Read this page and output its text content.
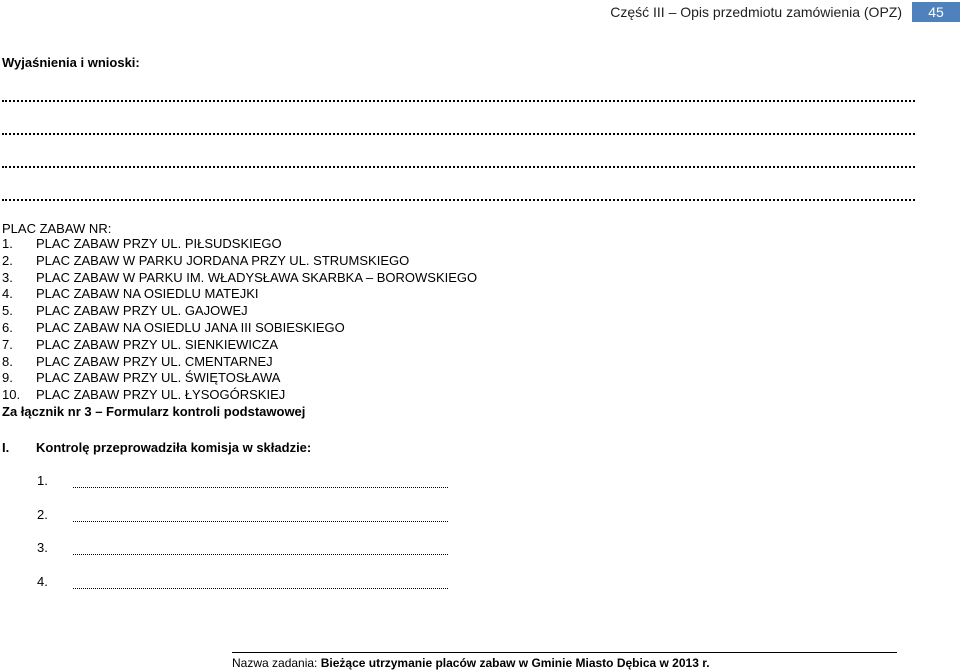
Część III – Opis przedmiotu zamówienia (OPZ)	45
Wyjaśnienia i wnioski:
PLAC ZABAW NR:
1. PLAC ZABAW PRZY UL. PIŁSUDSKIEGO
2. PLAC ZABAW W PARKU JORDANA PRZY UL. STRUMSKIEGO
3. PLAC ZABAW W PARKU IM. WŁADYSŁAWA SKARBKA – BOROWSKIEGO
4. PLAC ZABAW NA OSIEDLU MATEJKI
5. PLAC ZABAW PRZY UL. GAJOWEJ
6. PLAC ZABAW NA OSIEDLU JANA III SOBIESKIEGO
7. PLAC ZABAW PRZY UL. SIENKIEWICZA
8. PLAC ZABAW PRZY UL. CMENTARNEJ
9. PLAC ZABAW PRZY UL. ŚWIĘTOSŁAWA
10. PLAC ZABAW PRZY UL. ŁYSOGÓRSKIEJ
Za łącznik nr 3 – Formularz kontroli podstawowej
I. Kontrolę przeprowadziła komisja w składzie:
1.
2.
3.
4.
Nazwa zadania: Bieżące utrzymanie placów zabaw w Gminie Miasto Dębica w 2013 r.
